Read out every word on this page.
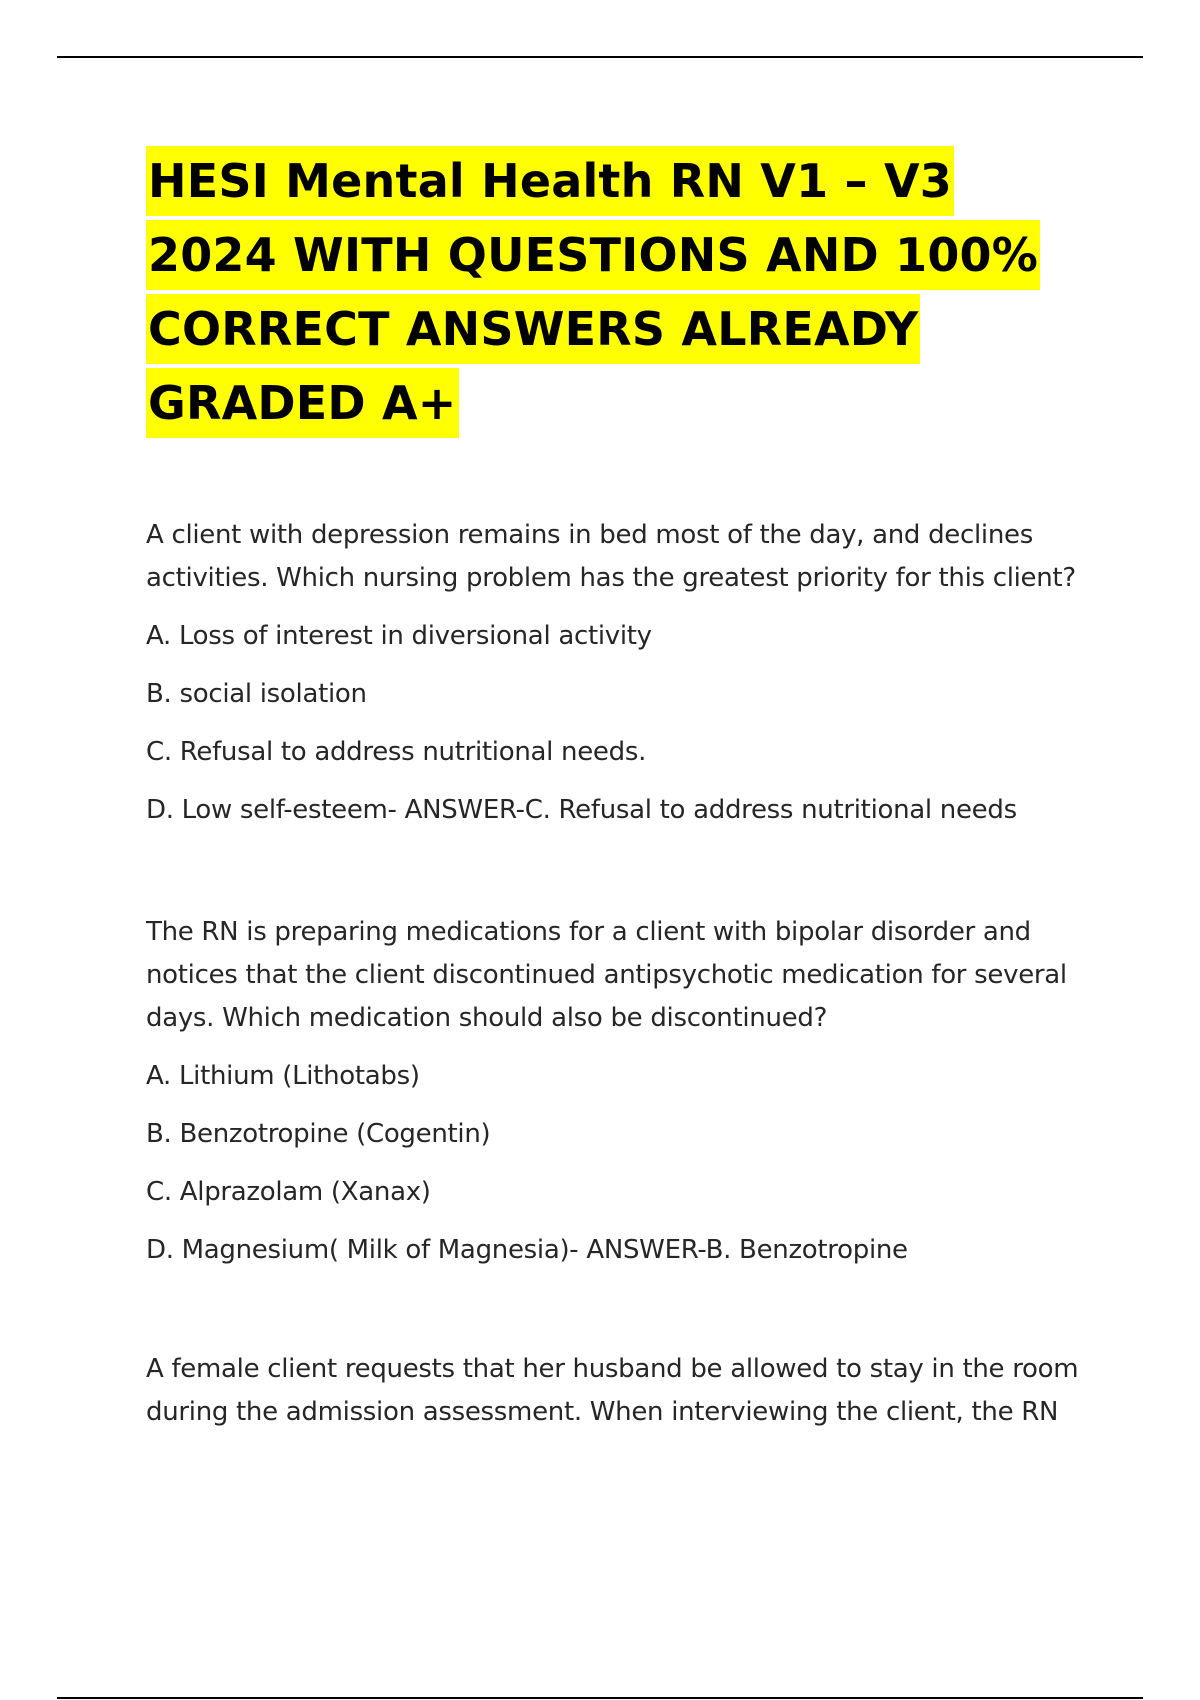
HESI Mental Health RN V1 – V3
2024 WITH QUESTIONS AND 100%
CORRECT ANSWERS ALREADY
GRADED A+
A client with depression remains in bed most of the day, and declines activities. Which nursing problem has the greatest priority for this client?
A. Loss of interest in diversional activity
B. social isolation
C. Refusal to address nutritional needs.
D. Low self-esteem- ANSWER-C. Refusal to address nutritional needs
The RN is preparing medications for a client with bipolar disorder and notices that the client discontinued antipsychotic medication for several days. Which medication should also be discontinued?
A. Lithium (Lithotabs)
B. Benzotropine (Cogentin)
C. Alprazolam (Xanax)
D. Magnesium( Milk of Magnesia)- ANSWER-B. Benzotropine
A female client requests that her husband be allowed to stay in the room during the admission assessment. When interviewing the client, the RN
